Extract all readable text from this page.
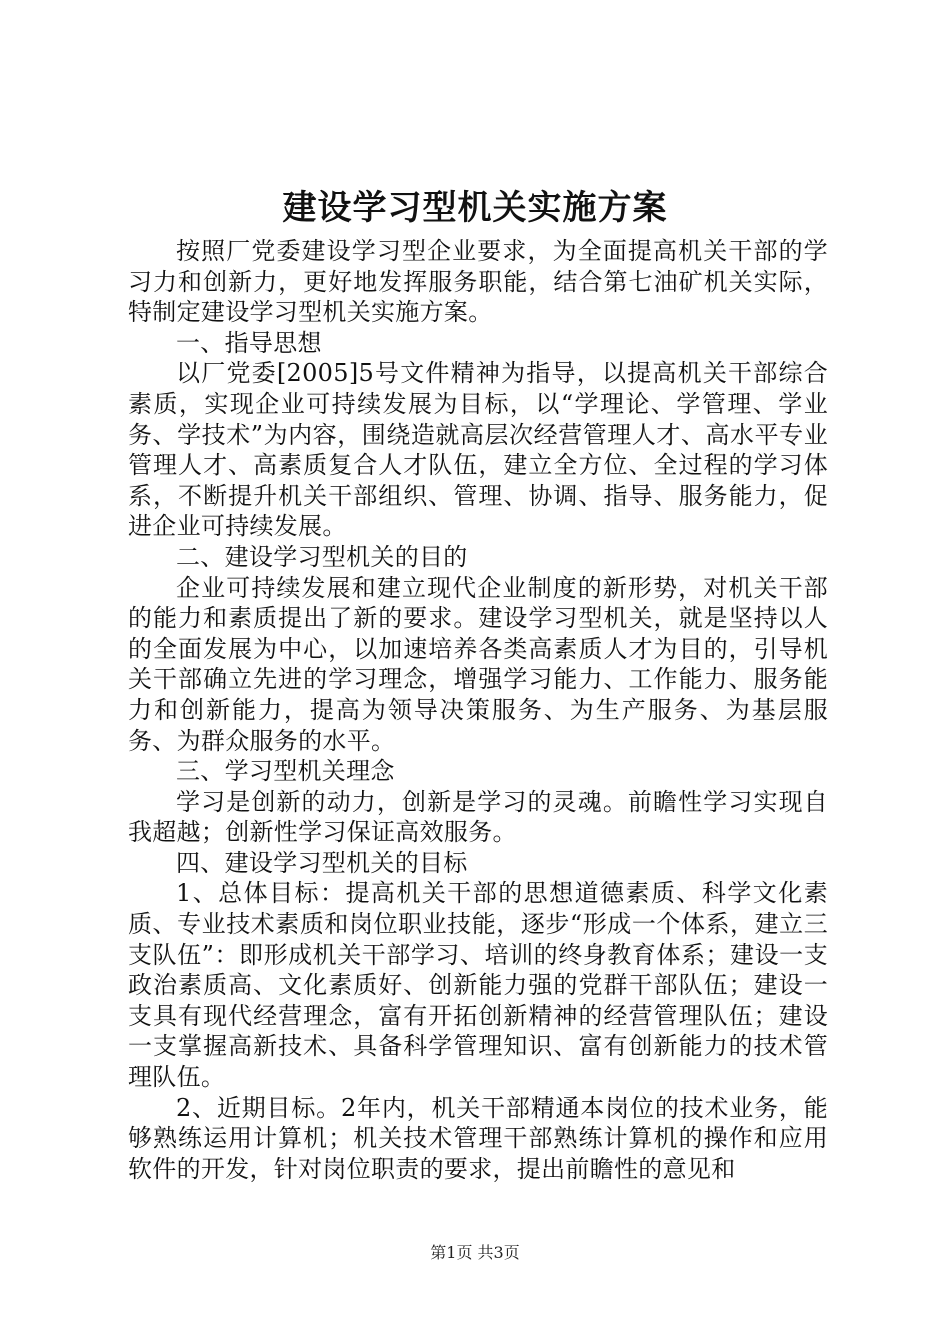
建设学习型机关实施方案

按照厂党委建设学习型企业要求，为全面提高机关干部的学习力和创新力，更好地发挥服务职能，结合第七油矿机关实际，特制定建设学习型机关实施方案。

一、指导思想

以厂党委[2005]5号文件精神为指导，以提高机关干部综合素质，实现企业可持续发展为目标，以“学理论、学管理、学业务、学技术”为内容，围绕造就高层次经营管理人才、高水平专业管理人才、高素质复合人才队伍，建立全方位、全过程的学习体系，不断提升机关干部组织、管理、协调、指导、服务能力，促进企业可持续发展。

二、建设学习型机关的目的

企业可持续发展和建立现代企业制度的新形势，对机关干部的能力和素质提出了新的要求。建设学习型机关，就是坚持以人的全面发展为中心，以加速培养各类高素质人才为目的，引导机关干部确立先进的学习理念，增强学习能力、工作能力、服务能力和创新能力，提高为领导决策服务、为生产服务、为基层服务、为群众服务的水平。

三、学习型机关理念

学习是创新的动力，创新是学习的灵魂。前瞻性学习实现自我超越；创新性学习保证高效服务。

四、建设学习型机关的目标

1、总体目标：提高机关干部的思想道德素质、科学文化素质、专业技术素质和岗位职业技能，逐步“形成一个体系，建立三支队伍”：即形成机关干部学习、培训的终身教育体系；建设一支政治素质高、文化素质好、创新能力强的党群干部队伍；建设一支具有现代经营理念，富有开拓创新精神的经营管理队伍；建设一支掌握高新技术、具备科学管理知识、富有创新能力的技术管理队伍。

2、近期目标。2年内，机关干部精通本岗位的技术业务，能够熟练运用计算机；机关技术管理干部熟练计算机的操作和应用软件的开发，针对岗位职责的要求，提出前瞻性的意见和

第1页 共3页
